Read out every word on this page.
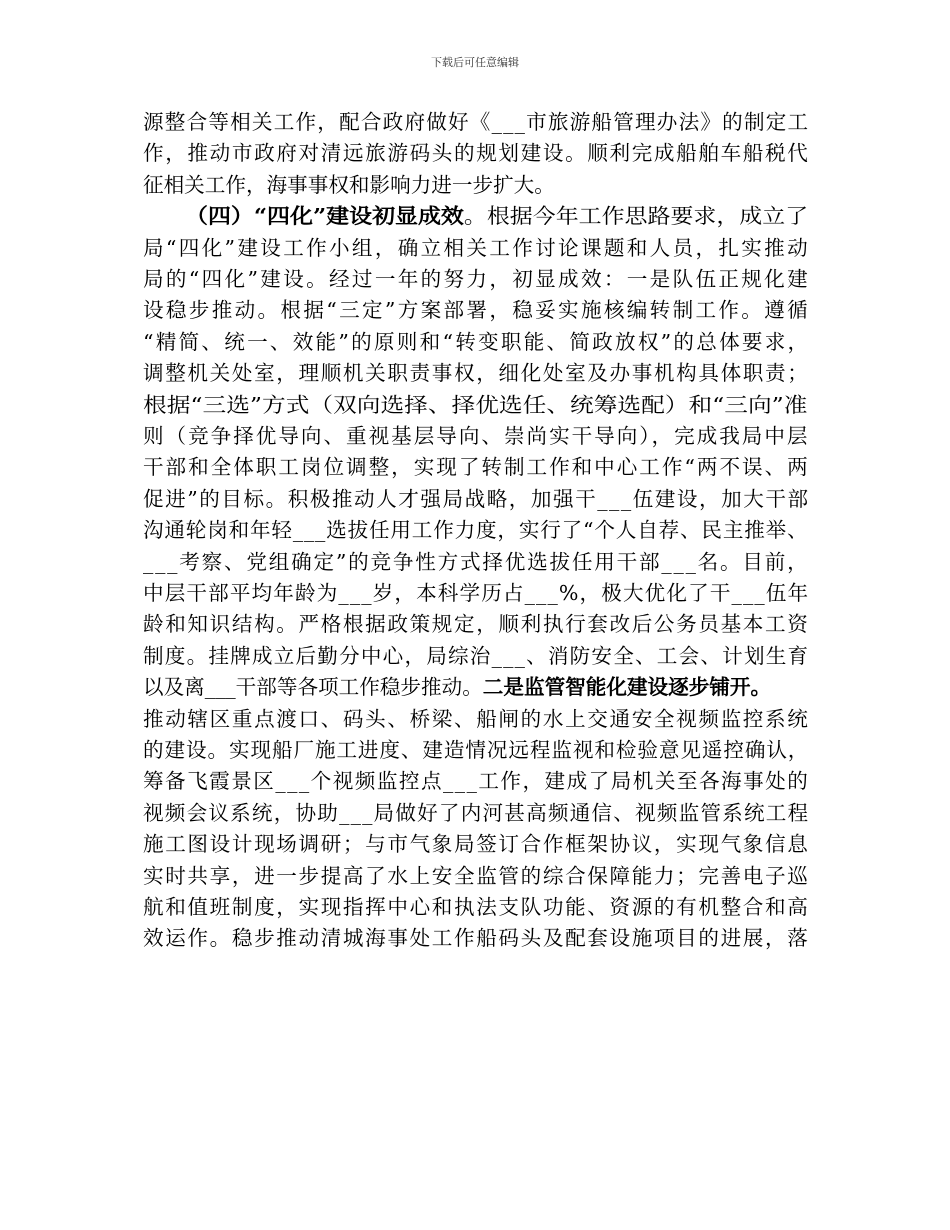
下载后可任意编辑
源整合等相关工作，配合政府做好《___市旅游船管理办法》的制定工
作，推动市政府对清远旅游码头的规划建设。顺利完成船舶车船税代
征相关工作，海事事权和影响力进一步扩大。
（四）“四化”建设初显成效。根据今年工作思路要求，成立了
局“四化”建设工作小组，确立相关工作讨论课题和人员，扎实推动
局的“四化”建设。经过一年的努力，初显成效：一是队伍正规化建
设稳步推动。根据“三定”方案部署，稳妥实施核编转制工作。遵循
“精简、统一、效能”的原则和“转变职能、简政放权”的总体要求，
调整机关处室，理顺机关职责事权，细化处室及办事机构具体职责；
根据“三选”方式（双向选择、择优选任、统筹选配）和“三向”准
则（竞争择优导向、重视基层导向、崇尚实干导向），完成我局中层
干部和全体职工岗位调整，实现了转制工作和中心工作“两不误、两
促进”的目标。积极推动人才强局战略，加强干___伍建设，加大干部
沟通轮岗和年轻___选拔任用工作力度，实行了“个人自荐、民主推举、
___考察、党组确定”的竞争性方式择优选拔任用干部___名。目前，
中层干部平均年龄为___岁，本科学历占___%，极大优化了干___伍年
龄和知识结构。严格根据政策规定，顺利执行套改后公务员基本工资
制度。挂牌成立后勤分中心，局综治___、消防安全、工会、计划生育
以及离___干部等各项工作稳步推动。二是监管智能化建设逐步铺开。
推动辖区重点渡口、码头、桥梁、船闸的水上交通安全视频监控系统
的建设。实现船厂施工进度、建造情况远程监视和检验意见遥控确认，
筹备飞霞景区___个视频监控点___工作，建成了局机关至各海事处的
视频会议系统，协助___局做好了内河甚高频通信、视频监管系统工程
施工图设计现场调研；与市气象局签订合作框架协议，实现气象信息
实时共享，进一步提高了水上安全监管的综合保障能力；完善电子巡
航和值班制度，实现指挥中心和执法支队功能、资源的有机整合和高
效运作。稳步推动清城海事处工作船码头及配套设施项目的进展，落
